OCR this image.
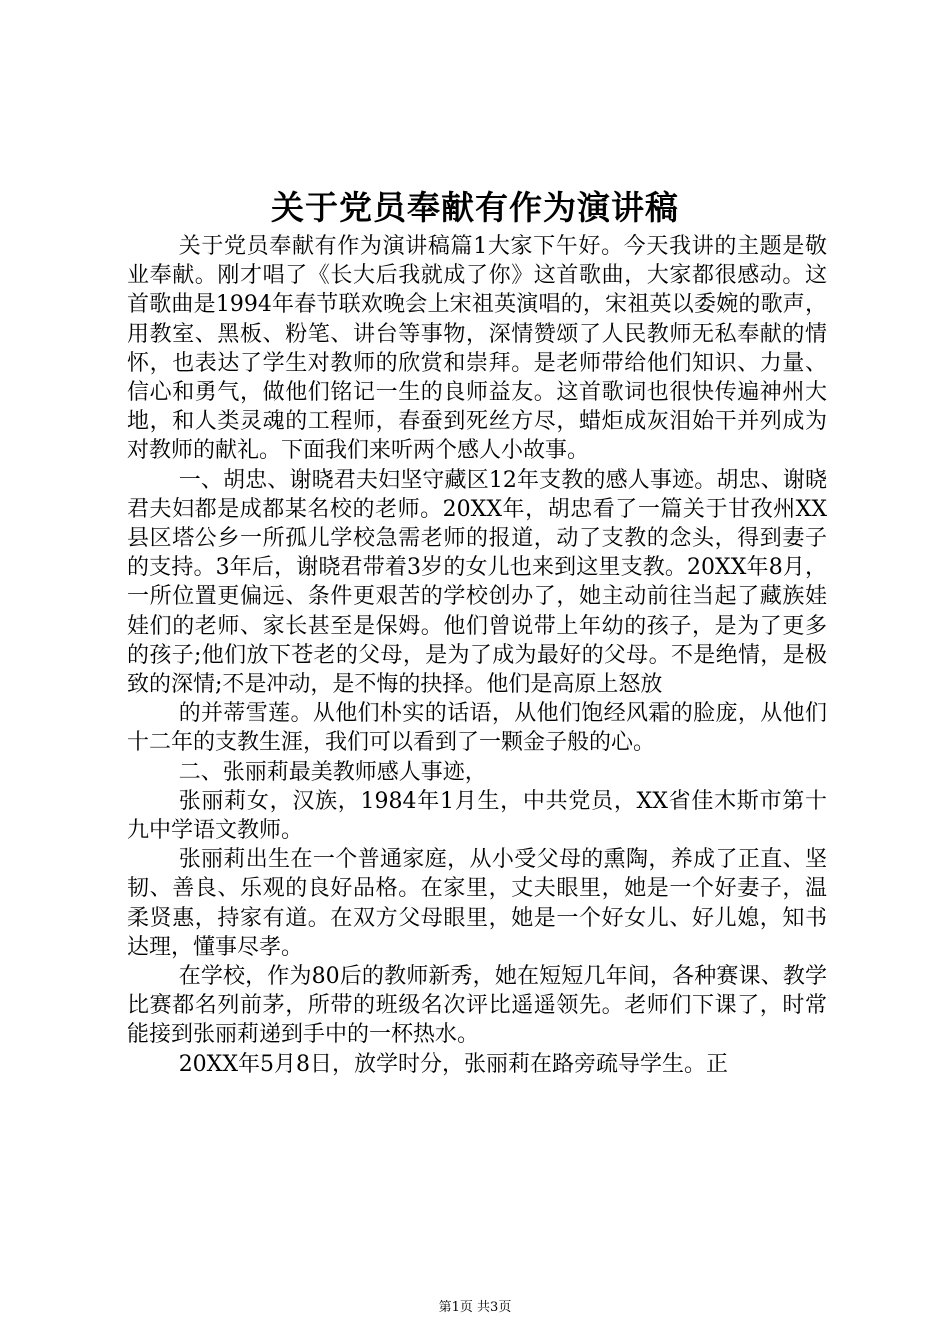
关于党员奉献有作为演讲稿

关于党员奉献有作为演讲稿篇1大家下午好。今天我讲的主题是敬业奉献。刚才唱了《长大后我就成了你》这首歌曲，大家都很感动。这首歌曲是1994年春节联欢晚会上宋祖英演唱的，宋祖英以委婉的歌声，用教室、黑板、粉笔、讲台等事物，深情赞颂了人民教师无私奉献的情怀，也表达了学生对教师的欣赏和崇拜。是老师带给他们知识、力量、信心和勇气，做他们铭记一生的良师益友。这首歌词也很快传遍神州大地，和人类灵魂的工程师，春蚕到死丝方尽，蜡炬成灰泪始干并列成为对教师的献礼。下面我们来听两个感人小故事。

一、胡忠、谢晓君夫妇坚守藏区12年支教的感人事迹。胡忠、谢晓君夫妇都是成都某名校的老师。20XX年，胡忠看了一篇关于甘孜州XX县区塔公乡一所孤儿学校急需老师的报道，动了支教的念头，得到妻子的支持。3年后，谢晓君带着3岁的女儿也来到这里支教。20XX年8月，一所位置更偏远、条件更艰苦的学校创办了，她主动前往当起了藏族娃娃们的老师、家长甚至是保姆。他们曾说带上年幼的孩子，是为了更多的孩子;他们放下苍老的父母，是为了成为最好的父母。不是绝情，是极致的深情;不是冲动，是不悔的抉择。他们是高原上怒放

的并蒂雪莲。从他们朴实的话语，从他们饱经风霜的脸庞，从他们十二年的支教生涯，我们可以看到了一颗金子般的心。

二、张丽莉最美教师感人事迹，

张丽莉女，汉族，1984年1月生，中共党员，XX省佳木斯市第十九中学语文教师。

张丽莉出生在一个普通家庭，从小受父母的熏陶，养成了正直、坚韧、善良、乐观的良好品格。在家里，丈夫眼里，她是一个好妻子，温柔贤惠，持家有道。在双方父母眼里，她是一个好女儿、好儿媳，知书达理，懂事尽孝。

在学校，作为80后的教师新秀，她在短短几年间，各种赛课、教学比赛都名列前茅，所带的班级名次评比遥遥领先。老师们下课了，时常能接到张丽莉递到手中的一杯热水。

20XX年5月8日，放学时分，张丽莉在路旁疏导学生。正

第1页 共3页
